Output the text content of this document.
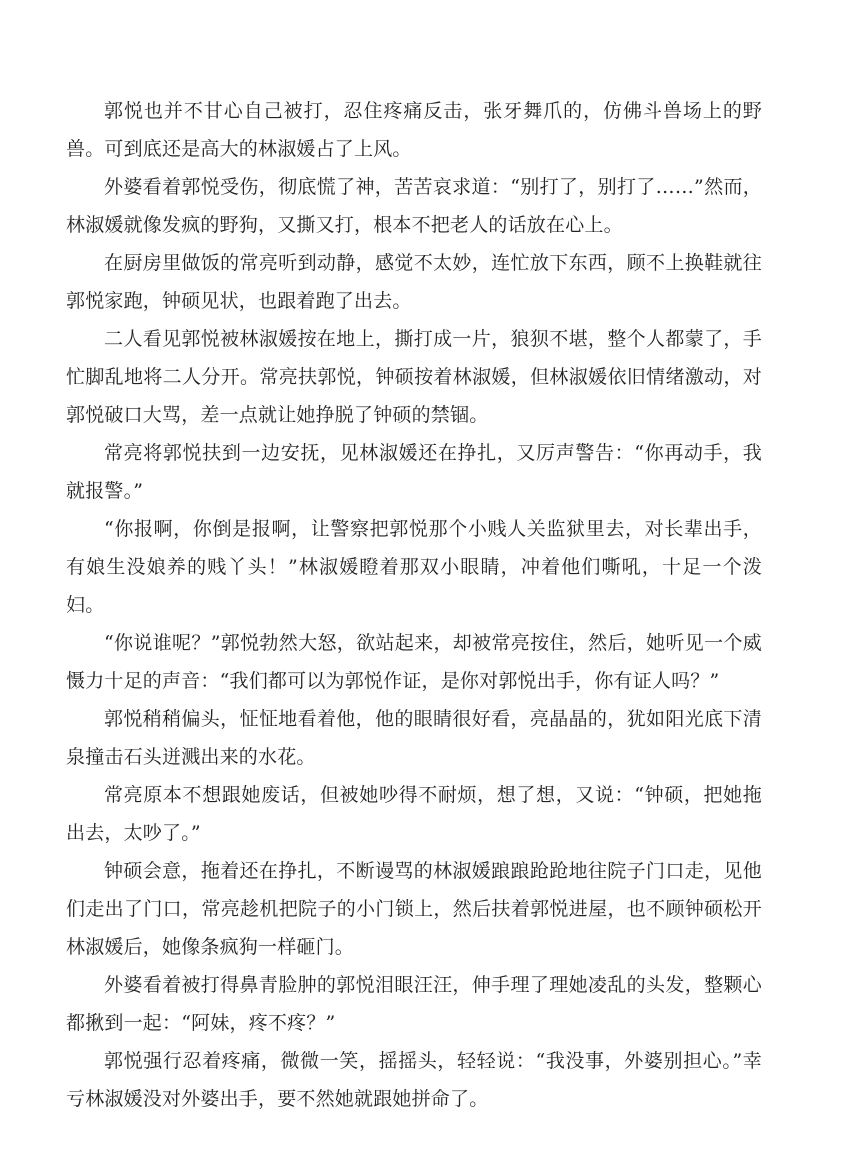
郭悦也并不甘心自己被打，忍住疼痛反击，张牙舞爪的，仿佛斗兽场上的野兽。可到底还是高大的林淑媛占了上风。

外婆看着郭悦受伤，彻底慌了神，苦苦哀求道：“别打了，别打了……”然而，林淑媛就像发疯的野狗，又撕又打，根本不把老人的话放在心上。

在厨房里做饭的常亮听到动静，感觉不太妙，连忙放下东西，顾不上换鞋就往郭悦家跑，钟硕见状，也跟着跑了出去。

二人看见郭悦被林淑媛按在地上，撕打成一片，狼狈不堪，整个人都蒙了，手忙脚乱地将二人分开。常亮扶郭悦，钟硕按着林淑媛，但林淑媛依旧情绪激动，对郭悦破口大骂，差一点就让她挣脱了钟硕的禁锢。

常亮将郭悦扶到一边安抚，见林淑媛还在挣扎，又厉声警告：“你再动手，我就报警。”

“你报啊，你倒是报啊，让警察把郭悦那个小贱人关监狱里去，对长辈出手，有娘生没娘养的贱丫头！”林淑媛瞪着那双小眼睛，冲着他们嘶吼，十足一个泼妇。

“你说谁呢？”郭悦勃然大怒，欲站起来，却被常亮按住，然后，她听见一个威慑力十足的声音：“我们都可以为郭悦作证，是你对郭悦出手，你有证人吗？”

郭悦稍稍偏头，怔怔地看着他，他的眼睛很好看，亮晶晶的，犹如阳光底下清泉撞击石头迸溅出来的水花。

常亮原本不想跟她废话，但被她吵得不耐烦，想了想，又说：“钟硕，把她拖出去，太吵了。”

钟硕会意，拖着还在挣扎，不断谩骂的林淑媛踉踉跄跄地往院子门口走，见他们走出了门口，常亮趁机把院子的小门锁上，然后扶着郭悦进屋，也不顾钟硕松开林淑媛后，她像条疯狗一样砸门。

外婆看着被打得鼻青脸肿的郭悦泪眼汪汪，伸手理了理她凌乱的头发，整颗心都揪到一起：“阿妹，疼不疼？”

郭悦强行忍着疼痛，微微一笑，摇摇头，轻轻说：“我没事，外婆别担心。”幸亏林淑媛没对外婆出手，要不然她就跟她拼命了。
